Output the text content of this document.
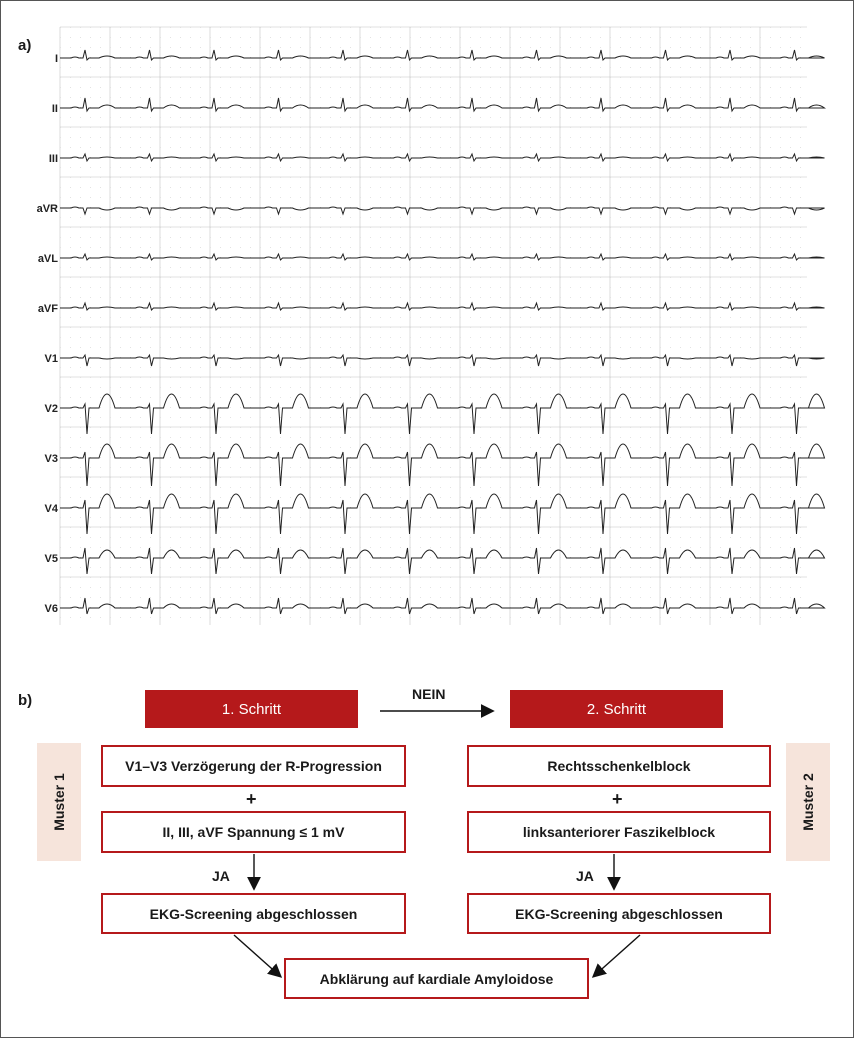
a)
I
II
III
aVR
aVL
aVF
V1
V2
V3
V4
V5
V6
b)	1. Schritt	2. Schritt
NEIN
Muster 1	Muster 2
V1–V3 Verzögerung der R-Progression
+
II, III, aVF Spannung ≤ 1 mV
JA
EKG-Screening abgeschlossen
Rechtsschenkelblock
+
linksanteriorer Faszikelblock
JA
EKG-Screening abgeschlossen
Abklärung auf kardiale Amyloidose
